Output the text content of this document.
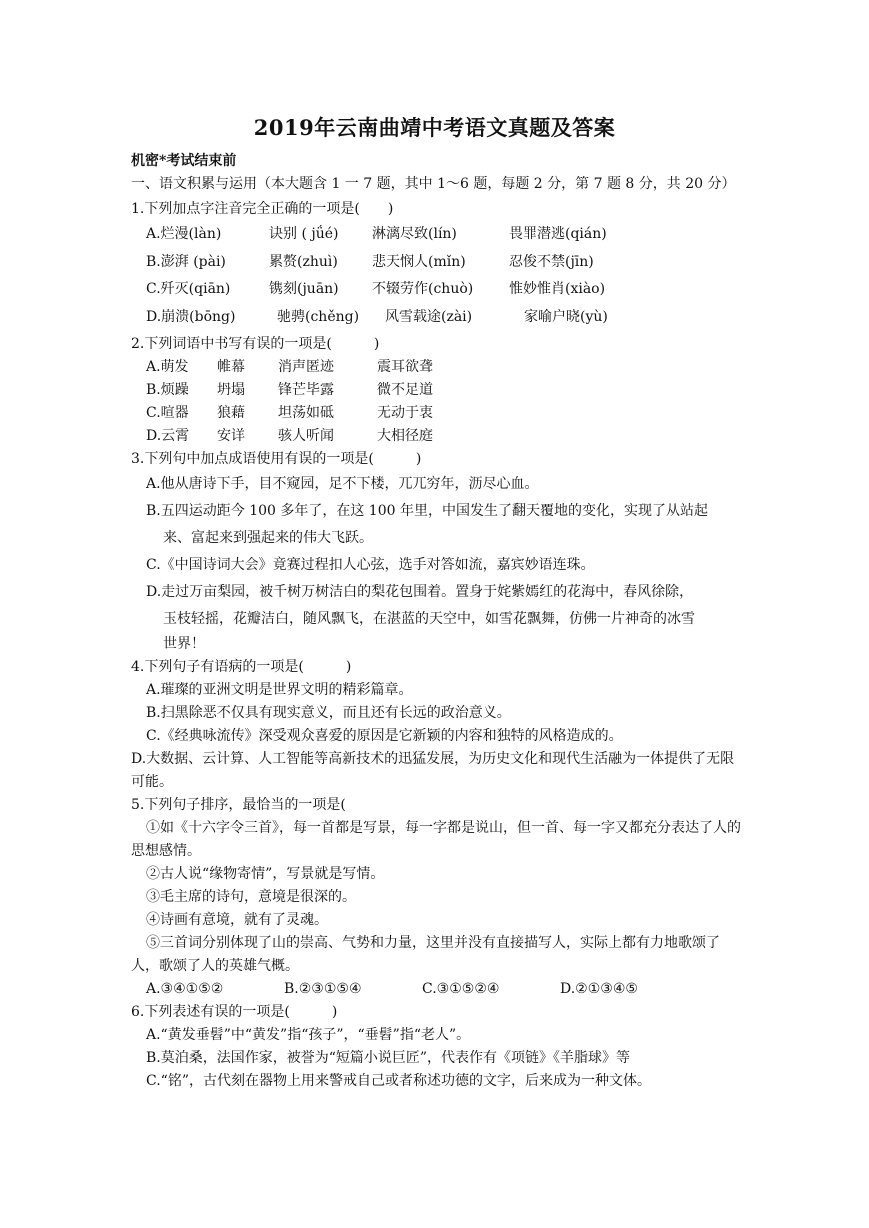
2019年云南曲靖中考语文真题及答案
机密*考试结束前
一、语文积累与运用（本大题含 1 一 7 题，其中 1～6 题，每题 2 分，第 7 题 8 分，共 20 分）
1.下列加点字注音完全正确的一项是(　　)
A.烂漫(làn)	诀别 ( jǘé)	淋漓尽致(lín)	畏罪潜逃(qián)
B.澎湃 (pài)	累赘(zhuì)	悲天悯人(mǐn)	忍俊不禁(jīn)
C.歼灭(qiān)	镌刻(juān)	不辍劳作(chuò)	惟妙惟肖(xiào)
D.崩溃(bōng)	驰骋(chěng)	风雪载途(zài)	家喻户晓(yù)
2.下列词语中书写有误的一项是(　　　)
A.萌发	帷幕	消声匿迹	震耳欲聋
B.烦躁	坍塌	锋芒毕露	微不足道
C.喧器	狼藉	坦荡如砥	无动于衷
D.云霄	安详	骇人听闻	大相径庭
3.下列句中加点成语使用有误的一项是(　　　)
A.他从唐诗下手，目不窥园，足不下楼，兀兀穷年，沥尽心血。
B.五四运动距今 100 多年了，在这 100 年里，中国发生了翻天覆地的变化，实现了从站起
来、富起来到强起来的伟大飞跃。
C.《中国诗词大会》竟赛过程扣人心弦，选手对答如流，嘉宾妙语连珠。
D.走过万亩梨园，被千树万树洁白的梨花包围着。置身于姹紫嫣红的花海中，春风徐除，
玉枝轻摇，花瓣洁白，随风飘飞，在湛蓝的天空中，如雪花飘舞，仿佛一片神奇的冰雪
世界！
4.下列句子有语病的一项是(　　　)
A.璀璨的亚洲文明是世界文明的精彩篇章。
B.扫黑除恶不仅具有现实意义，而且还有长远的政治意义。
C.《经典咏流传》深受观众喜爱的原因是它新颖的内容和独特的风格造成的。
D.大数据、云计算、人工智能等高新技术的迅猛发展，为历史文化和现代生活融为一体提供了无限可能。
5.下列句子排序，最恰当的一项是(
①如《十六字令三首》，每一首都是写景，每一字都是说山，但一首、每一字又都充分表达了人的思想感情。
②古人说“缘物寄情”，写景就是写情。
③毛主席的诗句，意境是很深的。
④诗画有意境，就有了灵魂。
⑤三首词分别体现了山的崇高、气势和力量，这里并没有直接描写人，实际上都有力地歌颂了人，歌颂了人的英雄气概。
A.③④①⑤②	B.②③①⑤④	C.③①⑤②④	D.②①③④⑤
6.下列表述有误的一项是(　　　)
A.“黄发垂髫”中“黄发”指“孩子”，“垂髫”指“老人”。
B.莫泊桑，法国作家，被誉为“短篇小说巨匠”，代表作有《项链》《羊脂球》等
C.“铭”，古代刻在器物上用来警戒自己或者称述功德的文字，后来成为一种文体。
